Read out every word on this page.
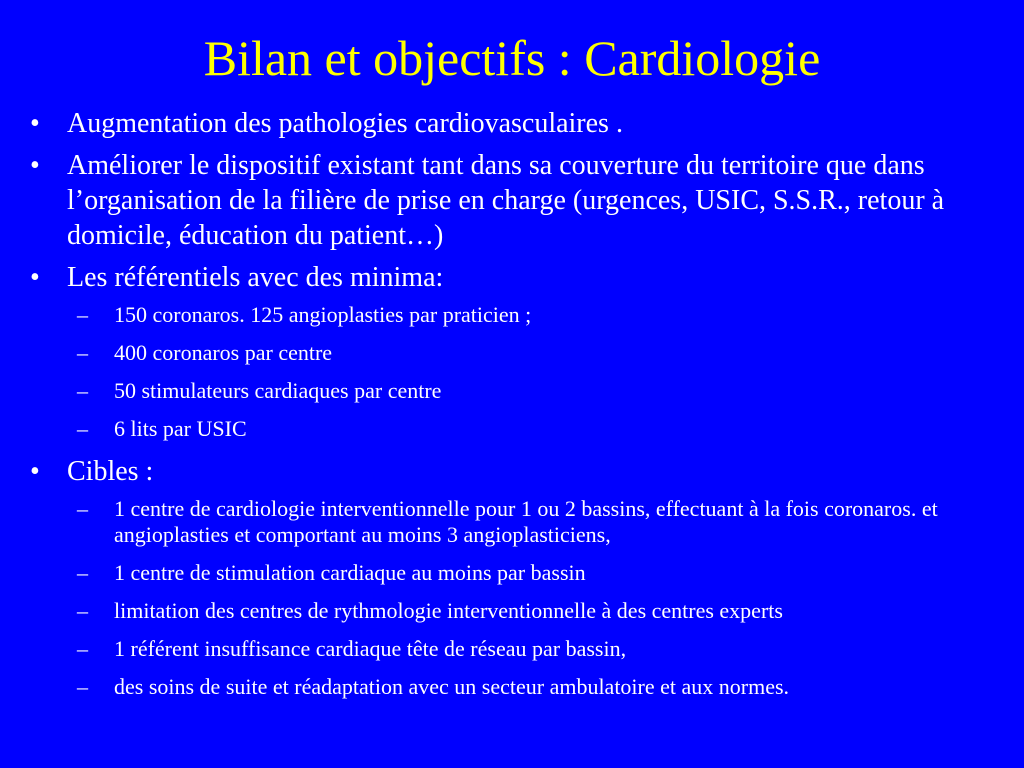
Bilan et objectifs : Cardiologie
• Augmentation des pathologies cardiovasculaires .
• Améliorer le dispositif existant tant dans sa couverture du territoire que dans l’organisation de la filière de prise en charge (urgences, USIC, S.S.R., retour à domicile, éducation du patient…)
• Les référentiels avec des minima:
– 150 coronaros. 125 angioplasties par praticien ;
– 400 coronaros par centre
– 50 stimulateurs cardiaques par centre
– 6 lits par USIC
• Cibles :
– 1 centre de cardiologie interventionnelle pour 1 ou 2 bassins, effectuant à la fois coronaros. et angioplasties et comportant au moins 3 angioplasticiens,
– 1 centre de stimulation cardiaque au moins par bassin
– limitation des centres de rythmologie interventionnelle à des centres experts
– 1 référent insuffisance cardiaque tête de réseau par bassin,
– des soins de suite et réadaptation avec un secteur ambulatoire et aux normes.
